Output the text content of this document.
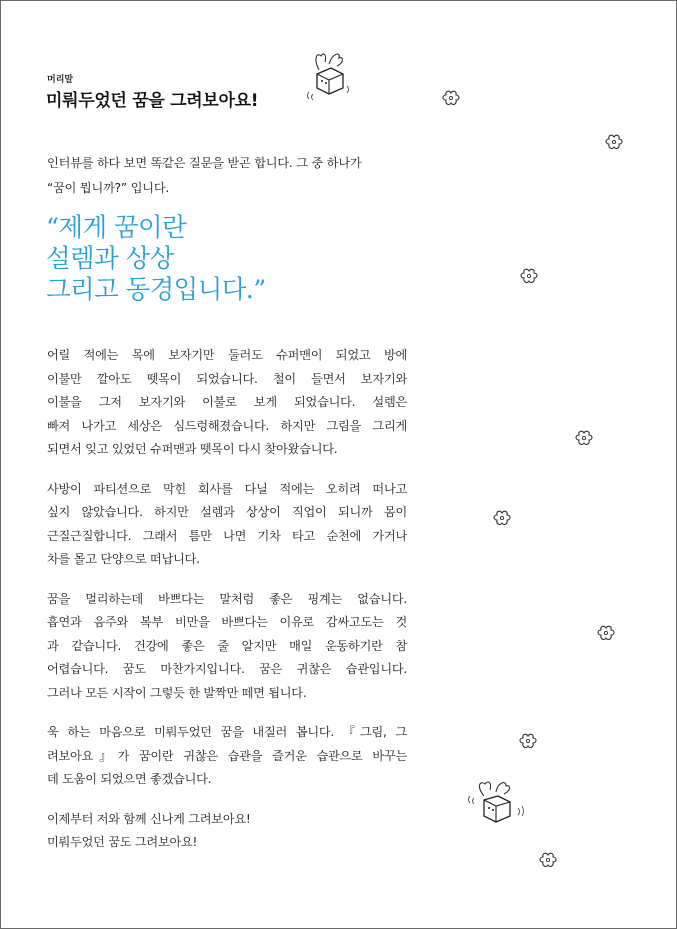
머리말
미뤄두었던 꿈을 그려보아요!

인터뷰를 하다 보면 똑같은 질문을 받곤 합니다. 그 중 하나가

“꿈이 뭡니까?” 입니다.

“제게 꿈이란

설렘과 상상

그리고 동경입니다.”

어릴 적에는 목에 보자기만 둘러도 슈퍼맨이 되었고 방에
이불만 깔아도 뗏목이 되었습니다. 철이 들면서 보자기와
이불을 그저 보자기와 이불로 보게 되었습니다. 설렘은
빠져 나가고 세상은 심드렁해졌습니다. 하지만 그림을 그리게
되면서 잊고 있었던 슈퍼맨과 뗏목이 다시 찾아왔습니다.
사방이 파티션으로 막힌 회사를 다닐 적에는 오히려 떠나고
싶지 않았습니다. 하지만 설렘과 상상이 직업이 되니까 몸이
근질근질합니다. 그래서 틈만 나면 기차 타고 순천에 가거나
차를 몰고 단양으로 떠납니다.
꿈을 멀리하는데 바쁘다는 말처럼 좋은 핑계는 없습니다.
흡연과 음주와 복부 비만을 바쁘다는 이유로 감싸고도는 것
과 같습니다. 건강에 좋은 줄 알지만 매일 운동하기란 참
어렵습니다. 꿈도 마찬가지입니다. 꿈은 귀찮은 습관입니다.
그러나 모든 시작이 그렇듯 한 발짝만 떼면 됩니다.
욱 하는 마음으로 미뤄두었던 꿈을 내질러 봅니다. 『그림, 그
려보아요』가 꿈이란 귀찮은 습관을 즐거운 습관으로 바꾸는
데 도움이 되었으면 좋겠습니다.
이제부터 저와 함께 신나게 그려보아요!
미뤄두었던 꿈도 그려보아요!
